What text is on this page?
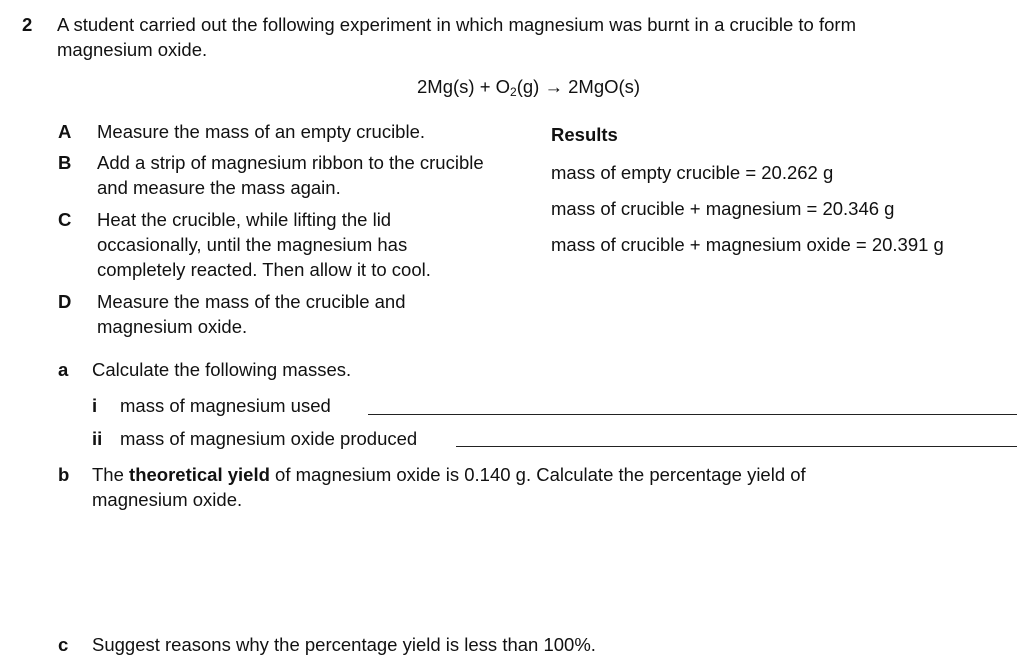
2 A student carried out the following experiment in which magnesium was burnt in a crucible to form
magnesium oxide.
$2Mg(s) + O_2(g) \to 2MgO(s)$
A Measure the mass of an empty crucible.
B Add a strip of magnesium ribbon to the crucible
and measure the mass again.
C Heat the crucible, while lifting the lid
occasionally, until the magnesium has
completely reacted. Then allow it to cool.
D Measure the mass of the crucible and
magnesium oxide.
Results
mass of empty crucible = 20.262 g
mass of crucible + magnesium = 20.346 g
mass of crucible + magnesium oxide = 20.391 g
a Calculate the following masses.
i mass of magnesium used
ii mass of magnesium oxide produced
b The theoretical yield of magnesium oxide is 0.140 g. Calculate the percentage yield of
magnesium oxide.
c Suggest reasons why the percentage yield is less than 100%.
